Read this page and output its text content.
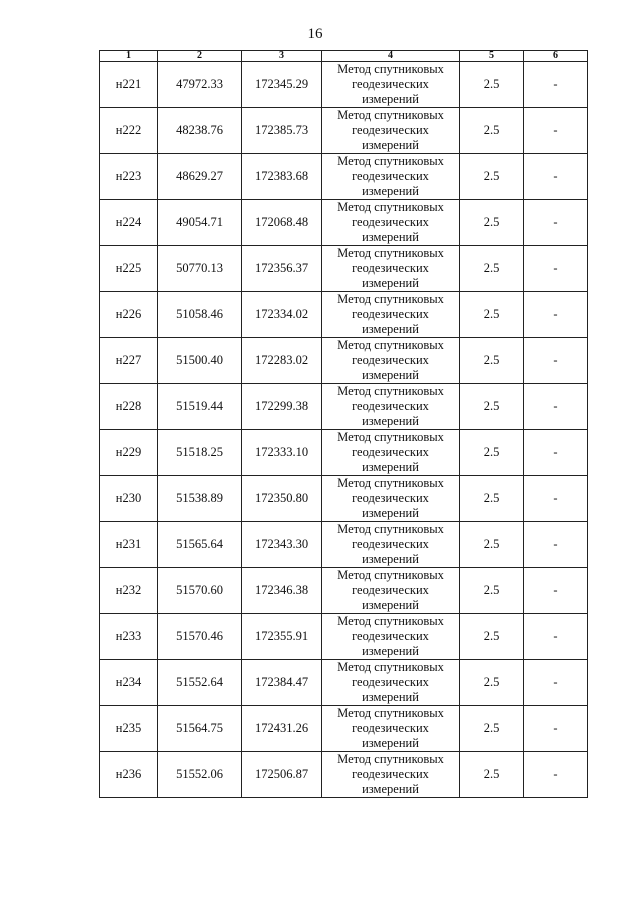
16
1	2	3	4	5	6
н221	47972.33	172345.29	Метод спутниковых геодезических измерений	2.5	-
н222	48238.76	172385.73	Метод спутниковых геодезических измерений	2.5	-
н223	48629.27	172383.68	Метод спутниковых геодезических измерений	2.5	-
н224	49054.71	172068.48	Метод спутниковых геодезических измерений	2.5	-
н225	50770.13	172356.37	Метод спутниковых геодезических измерений	2.5	-
н226	51058.46	172334.02	Метод спутниковых геодезических измерений	2.5	-
н227	51500.40	172283.02	Метод спутниковых геодезических измерений	2.5	-
н228	51519.44	172299.38	Метод спутниковых геодезических измерений	2.5	-
н229	51518.25	172333.10	Метод спутниковых геодезических измерений	2.5	-
н230	51538.89	172350.80	Метод спутниковых геодезических измерений	2.5	-
н231	51565.64	172343.30	Метод спутниковых геодезических измерений	2.5	-
н232	51570.60	172346.38	Метод спутниковых геодезических измерений	2.5	-
н233	51570.46	172355.91	Метод спутниковых геодезических измерений	2.5	-
н234	51552.64	172384.47	Метод спутниковых геодезических измерений	2.5	-
н235	51564.75	172431.26	Метод спутниковых геодезических измерений	2.5	-
н236	51552.06	172506.87	Метод спутниковых геодезических измерений	2.5	-
